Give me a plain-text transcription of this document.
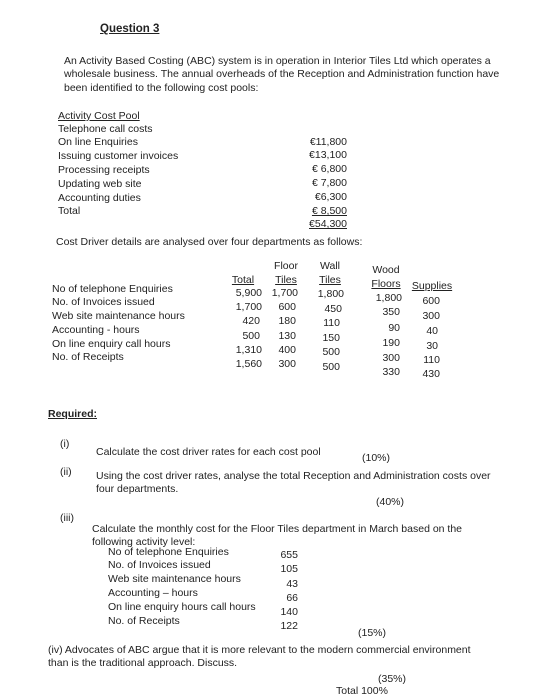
Question 3
An Activity Based Costing (ABC) system is in operation in Interior Tiles Ltd which operates a wholesale business. The annual overheads of the Reception and Administration function have been identified to the following cost pools:
Activity Cost Pool
Telephone call costs
On line Enquiries
Issuing customer invoices
Processing receipts
Updating web site
Accounting duties
Total
€11,800
€13,100
€ 6,800
€ 7,800
€6,300
€ 8,500
€54,300
Cost Driver details are analysed over four departments as follows:
Total
Floor
Tiles
Wall
Tiles
Wood
Floors	Supplies
No of telephone Enquiries
No. of Invoices issued
Web site maintenance hours
Accounting - hours
On line enquiry call hours
No. of Receipts
5,900
1,700
420
500
1,310
1,560
1,700
600
180
130
400
300
1,800
450
110
150
500
500
1,800
350
90
190
300
330
600
300
40
30
110
430
Required:
(i)
Calculate the cost driver rates for each cost pool	(10%)
(ii) Using the cost driver rates, analyse the total Reception and Administration costs over four departments.
(40%)
(iii)
Calculate the monthly cost for the Floor Tiles department in March based on the following activity level:
No of telephone Enquiries
No. of Invoices issued
Web site maintenance hours
Accounting – hours
On line enquiry hours call hours
No. of Receipts
655
105
43
66
140
122
(15%)
(iv) Advocates of ABC argue that it is more relevant to the modern commercial environment than is the traditional approach. Discuss.
(35%)
Total 100%
